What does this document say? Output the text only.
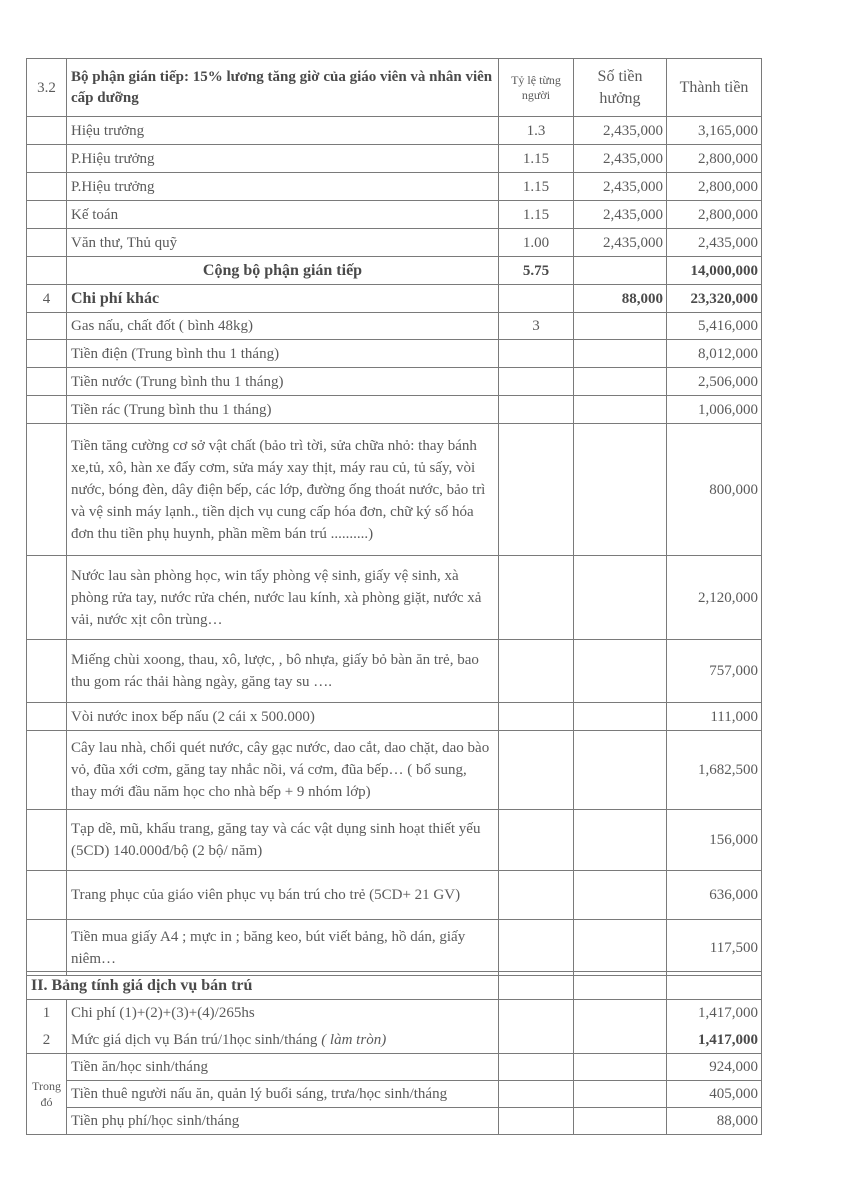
3.2	Bộ phận gián tiếp: 15% lương tăng giờ của giáo viên và nhân viên cấp dưỡng	Tỷ lệ từng người	Số tiền hưởng	Thành tiền
	Hiệu trưởng	1.3	2,435,000	3,165,000
	P.Hiệu trưởng	1.15	2,435,000	2,800,000
	P.Hiệu trưởng	1.15	2,435,000	2,800,000
	Kế toán	1.15	2,435,000	2,800,000
	Văn thư, Thủ quỹ	1.00	2,435,000	2,435,000
	Cộng bộ phận gián tiếp	5.75		14,000,000
4	Chi phí khác		88,000	23,320,000
	Gas nấu, chất đốt ( bình 48kg)	3		5,416,000
	Tiền điện (Trung bình thu 1 tháng)			8,012,000
	Tiền nước (Trung bình thu 1 tháng)			2,506,000
	Tiền rác (Trung bình thu 1 tháng)			1,006,000
	Tiền tăng cường cơ sở vật chất (bảo trì tời, sửa chữa nhỏ: thay bánh xe,tủ, xô, hàn xe đẩy cơm, sửa máy xay thịt, máy rau củ, tủ sấy, vòi nước, bóng đèn, dây điện bếp, các lớp, đường ống thoát nước, bảo trì và vệ sinh máy lạnh., tiền dịch vụ cung cấp hóa đơn, chữ ký số hóa đơn thu tiền phụ huynh, phần mềm bán trú ..........)			800,000
	Nước lau sàn phòng học, win tẩy phòng vệ sinh, giấy vệ sinh, xà phòng rửa tay, nước rửa chén, nước lau kính, xà phòng giặt, nước xả vải, nước xịt côn trùng…			2,120,000
	Miếng chùi xoong, thau, xô, lược, , bô nhựa, giấy bỏ bàn ăn trẻ, bao thu gom rác thải hàng ngày, găng tay su ….			757,000
	Vòi nước inox bếp nấu (2 cái x 500.000)			111,000
	Cây lau nhà, chổi quét nước, cây gạc nước, dao cắt, dao chặt, dao bào vỏ, đũa xới cơm, găng tay nhắc nồi, vá cơm, đũa bếp… ( bổ sung, thay mới đầu năm học cho nhà bếp + 9 nhóm lớp)			1,682,500
	Tạp dề, mũ, khẩu trang, găng tay và các vật dụng sinh hoạt thiết yếu (5CD) 140.000đ/bộ (2 bộ/ năm)			156,000
	Trang phục của giáo viên phục vụ bán trú cho trẻ (5CD+ 21 GV)			636,000
	Tiền mua giấy A4 ; mực in ; băng keo, bút viết bảng, hồ dán, giấy niêm…			117,500
II. Bảng tính giá dịch vụ bán trú				
1	Chi phí (1)+(2)+(3)+(4)/265hs			1,417,000
2	Mức giá dịch vụ Bán trú/1học sinh/tháng ( làm tròn)			1,417,000
Trong đó	Tiền ăn/học sinh/tháng			924,000
	Tiền thuê người nấu ăn, quản lý buổi sáng, trưa/học sinh/tháng			405,000
	Tiền phụ phí/học sinh/tháng			88,000
